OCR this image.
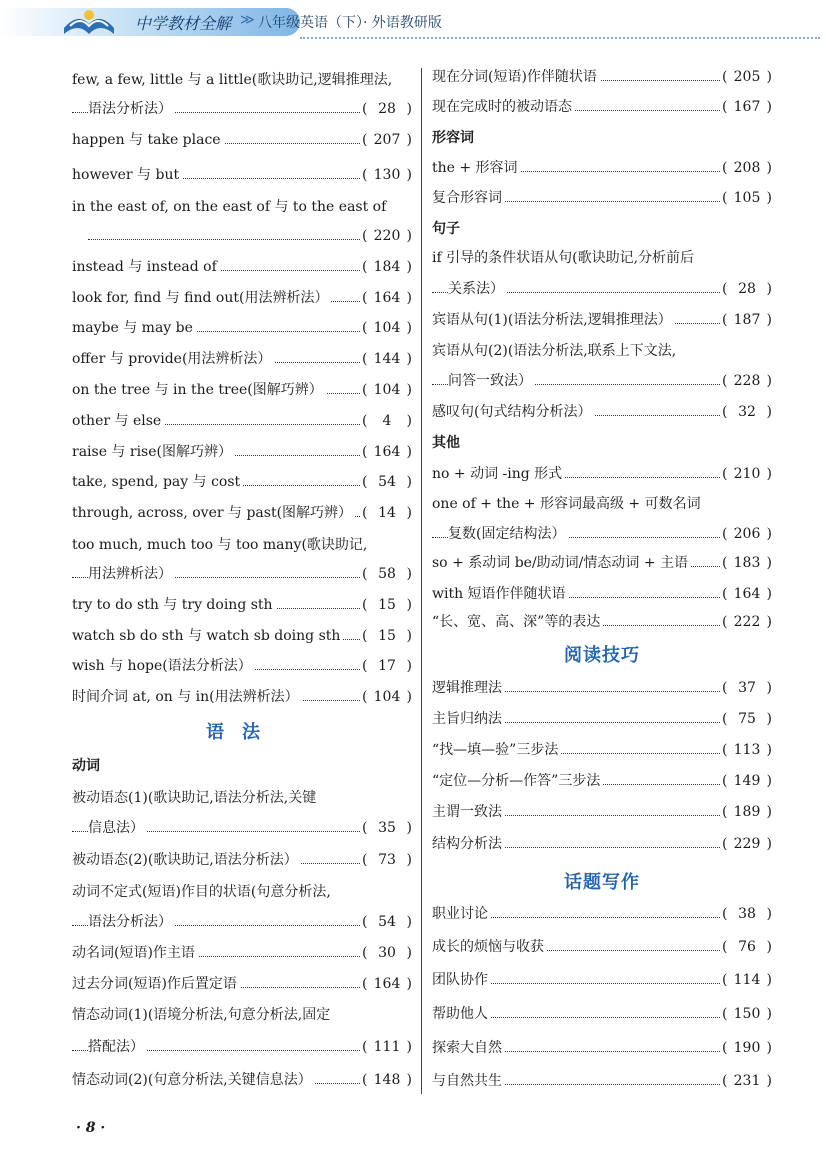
中学教材全解 ≫ 八年级英语（下）· 外语教研版
few, a few, little 与 a little(歌诀助记,逻辑推理法,
语法分析法）	( 28 )
happen 与 take place	( 207 )
however 与 but	( 130 )
in the east of, on the east of 与 to the east of
( 220 )
instead 与 instead of	( 184 )
look for, find 与 find out(用法辨析法）	( 164 )
maybe 与 may be	( 104 )
offer 与 provide(用法辨析法）	( 144 )
on the tree 与 in the tree(图解巧辨）	( 104 )
other 与 else	( 4 )
raise 与 rise(图解巧辨）	( 164 )
take, spend, pay 与 cost	( 54 )
through, across, over 与 past(图解巧辨）	( 14 )
too much, much too 与 too many(歌诀助记,
用法辨析法）	( 58 )
try to do sth 与 try doing sth	( 15 )
watch sb do sth 与 watch sb doing sth	( 15 )
wish 与 hope(语法分析法）	( 17 )
时间介词 at, on 与 in(用法辨析法）	( 104 )
语法
动词
被动语态(1)(歌诀助记,语法分析法,关键
信息法）	( 35 )
被动语态(2)(歌诀助记,语法分析法）	( 73 )
动词不定式(短语)作目的状语(句意分析法,
语法分析法）	( 54 )
动名词(短语)作主语	( 30 )
过去分词(短语)作后置定语	( 164 )
情态动词(1)(语境分析法,句意分析法,固定
搭配法）	( 111 )
情态动词(2)(句意分析法,关键信息法）	( 148 )
现在分词(短语)作伴随状语	( 205 )
现在完成时的被动语态	( 167 )
形容词
the + 形容词	( 208 )
复合形容词	( 105 )
句子
if 引导的条件状语从句(歌诀助记,分析前后
关系法）	( 28 )
宾语从句(1)(语法分析法,逻辑推理法）	( 187 )
宾语从句(2)(语法分析法,联系上下文法,
问答一致法）	( 228 )
感叹句(句式结构分析法）	( 32 )
其他
no + 动词 -ing 形式	( 210 )
one of + the + 形容词最高级 + 可数名词
复数(固定结构法）	( 206 )
so + 系动词 be/助动词/情态动词 + 主语	( 183 )
with 短语作伴随状语	( 164 )
“长、宽、高、深”等的表达	( 222 )
阅读技巧
逻辑推理法	( 37 )
主旨归纳法	( 75 )
“找—填—验”三步法	( 113 )
“定位—分析—作答”三步法	( 149 )
主谓一致法	( 189 )
结构分析法	( 229 )
话题写作
职业讨论	( 38 )
成长的烦恼与收获	( 76 )
团队协作	( 114 )
帮助他人	( 150 )
探索大自然	( 190 )
与自然共生	( 231 )
· 8 ·
